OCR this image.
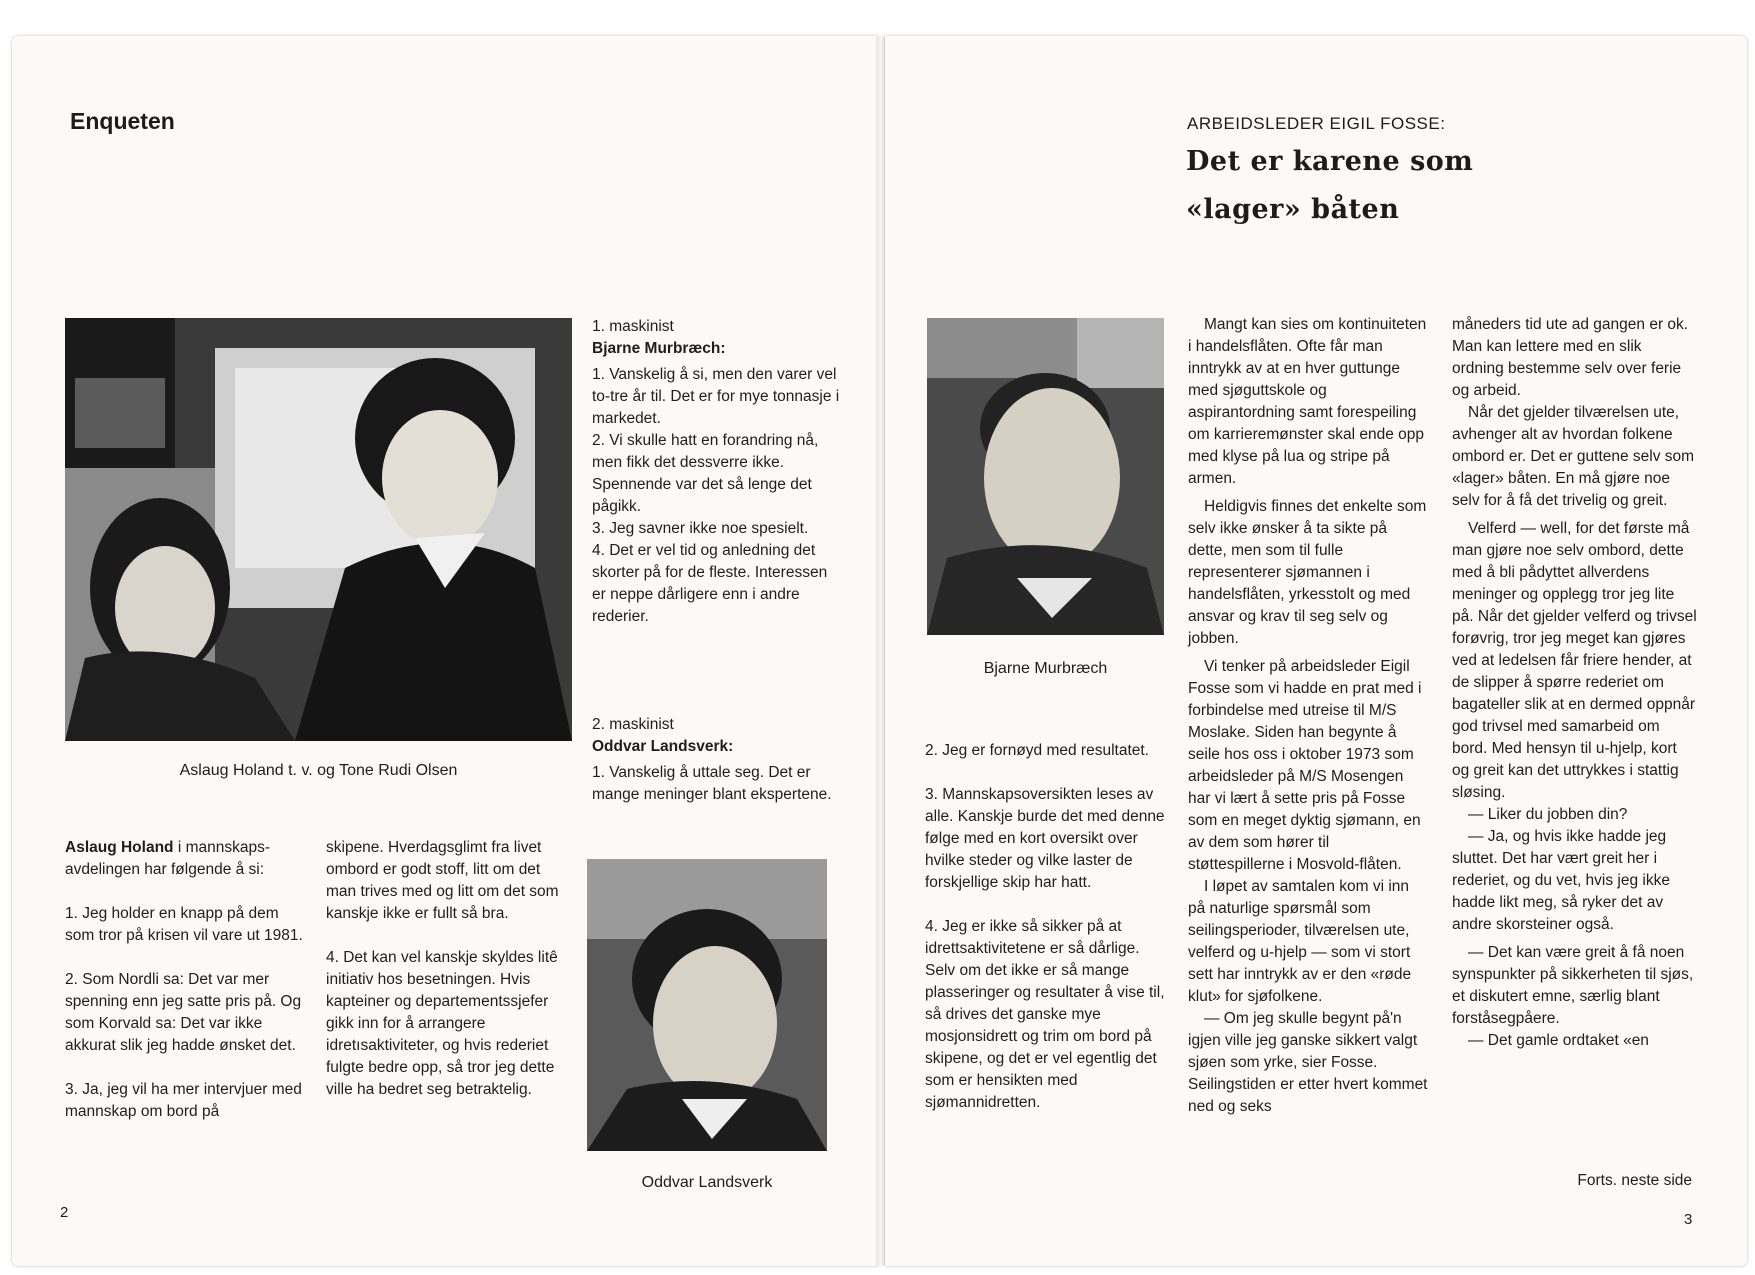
Enqueten
Aslaug Holand t. v. og Tone Rudi Olsen

Aslaug Holand i mannskaps-avdelingen har følgende å si:

1. Jeg holder en knapp på dem som tror på krisen vil vare ut 1981.

2. Som Nordli sa: Det var mer spenning enn jeg satte pris på. Og som Korvald sa: Det var ikke akkurat slik jeg hadde ønsket det.

3. Ja, jeg vil ha mer intervjuer med mannskap om bord på

skipene. Hverdagsglimt fra livet ombord er godt stoff, litt om det man trives med og litt om det som kanskje ikke er fullt så bra.

4. Det kan vel kanskje skyldes litê initiativ hos besetningen. Hvis kapteiner og departementssjefer gikk inn for å arrangere idretısaktiviteter, og hvis rederiet fulgte bedre opp, så tror jeg dette ville ha bedret seg betraktelig.

1. maskinist
Bjarne Murbræch:
1. Vanskelig å si, men den varer vel to-tre år til. Det er for mye tonnasje i markedet.
2. Vi skulle hatt en forandring nå, men fikk det dessverre ikke. Spennende var det så lenge det pågikk.
3. Jeg savner ikke noe spesielt.
4. Det er vel tid og anledning det skorter på for de fleste. Interessen er neppe dårligere enn i andre rederier.
2. maskinist
Oddvar Landsverk:
1. Vanskelig å uttale seg. Det er mange meninger blant ekspertene.
Oddvar Landsverk
2
ARBEIDSLEDER EIGIL FOSSE:
Det er karene som
«lager» båten
Bjarne Murbræch

2. Jeg er fornøyd med resultatet.

3. Mannskapsoversikten leses av alle. Kanskje burde det med denne følge med en kort oversikt over hvilke steder og vilke laster de forskjellige skip har hatt.

4. Jeg er ikke så sikker på at idrettsaktivitetene er så dårlige. Selv om det ikke er så mange plasseringer og resultater å vise til, så drives det ganske mye mosjonsidrett og trim om bord på skipene, og det er vel egentlig det som er hensikten med sjømannidretten.

Mangt kan sies om kontinuiteten i handelsflåten. Ofte får man inntrykk av at en hver guttunge med sjøguttskole og aspirantordning samt forespeiling om karrieremønster skal ende opp med klyse på lua og stripe på armen.
Heldigvis finnes det enkelte som selv ikke ønsker å ta sikte på dette, men som til fulle representerer sjømannen i handelsflåten, yrkesstolt og med ansvar og krav til seg selv og jobben.
Vi tenker på arbeidsleder Eigil Fosse som vi hadde en prat med i forbindelse med utreise til M/S Moslake. Siden han begynte å seile hos oss i oktober 1973 som arbeidsleder på M/S Mosengen har vi lært å sette pris på Fosse som en meget dyktig sjømann, en av dem som hører til støttespillerne i Mosvold-flåten.
I løpet av samtalen kom vi inn på naturlige spørsmål som seilingsperioder, tilværelsen ute, velferd og u-hjelp — som vi stort sett har inntrykk av er den «røde klut» for sjøfolkene.
— Om jeg skulle begynt på'n igjen ville jeg ganske sikkert valgt sjøen som yrke, sier Fosse. Seilingstiden er etter hvert kommet ned og seks
måneders tid ute ad gangen er ok. Man kan lettere med en slik ordning bestemme selv over ferie og arbeid.
Når det gjelder tilværelsen ute, avhenger alt av hvordan folkene ombord er. Det er guttene selv som «lager» båten. En må gjøre noe selv for å få det trivelig og greit.
Velferd — well, for det første må man gjøre noe selv ombord, dette med å bli pådyttet allverdens meninger og opplegg tror jeg lite på. Når det gjelder velferd og trivsel forøvrig, tror jeg meget kan gjøres ved at ledelsen får friere hender, at de slipper å spørre rederiet om bagateller slik at en dermed oppnår god trivsel med samarbeid om bord. Med hensyn til u-hjelp, kort og greit kan det uttrykkes i stattig sløsing.
— Liker du jobben din?
— Ja, og hvis ikke hadde jeg sluttet. Det har vært greit her i rederiet, og du vet, hvis jeg ikke hadde likt meg, så ryker det av andre skorsteiner også.
— Det kan være greit å få noen synspunkter på sikkerheten til sjøs, et diskutert emne, særlig blant forståsegpåere.
— Det gamle ordtaket «en
Forts. neste side
3
